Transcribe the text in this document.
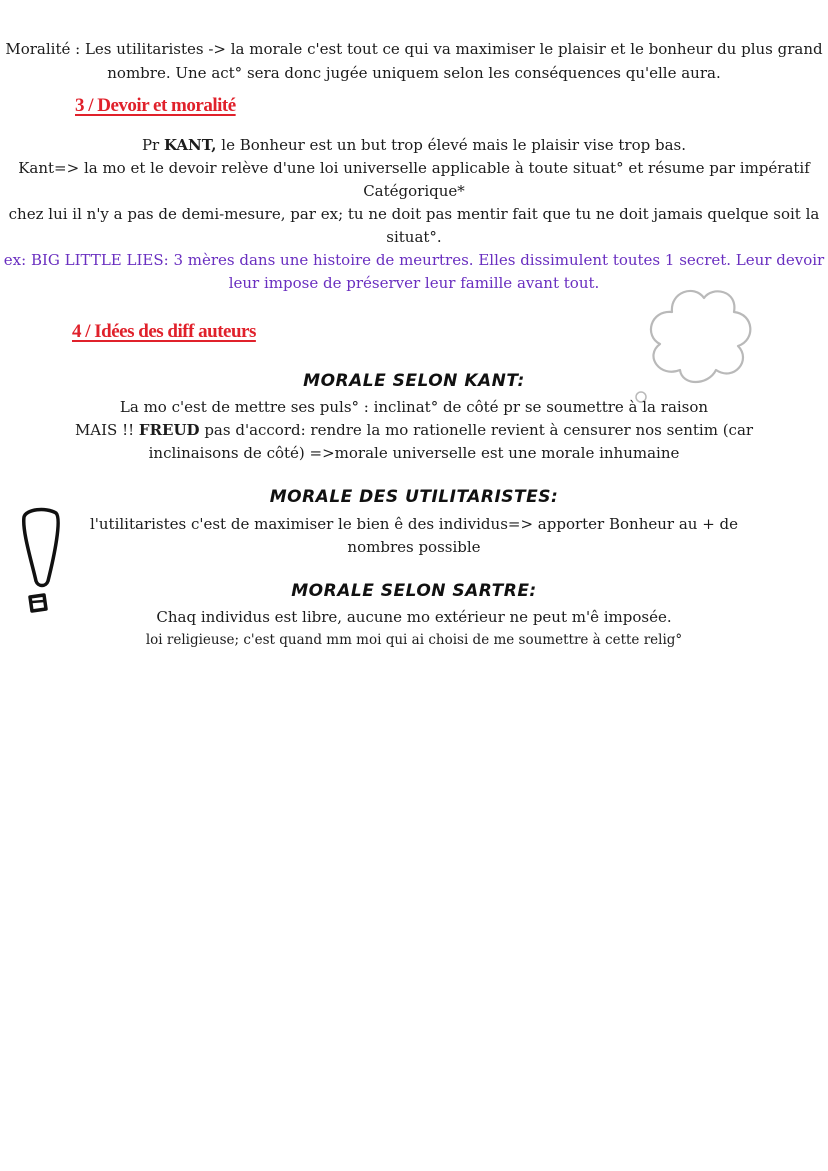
Moralité : Les utilitaristes -> la morale c'est tout ce qui va maximiser le plaisir et le bonheur du plus grand
nombre. Une act° sera donc jugée uniquem selon les conséquences qu'elle aura.
3 / Devoir et moralité
Pr KANT, le Bonheur est un but trop élevé mais le plaisir vise trop bas.
Kant=> la mo et le devoir relève d'une loi universelle applicable à toute situat° et résume par impératif
Catégorique*
chez lui il n'y a pas de demi-mesure, par ex; tu ne doit pas mentir fait que tu ne doit jamais quelque soit la
situat°.
ex: BIG LITTLE LIES: 3 mères dans une histoire de meurtres. Elles dissimulent toutes 1 secret. Leur devoir
leur impose de préserver leur famille avant tout.
4 / Idées des diff auteurs
MORALE SELON KANT:
La mo c'est de mettre ses puls° : inclinat° de côté pr se soumettre à la raison
MAIS !! FREUD pas d'accord: rendre la mo rationelle revient à censurer nos sentim (car
inclinaisons de côté) =>morale universelle est une morale inhumaine
MORALE DES UTILITARISTES:
l'utilitaristes c'est de maximiser le bien ê des individus=> apporter Bonheur au + de
nombres possible
MORALE SELON SARTRE:
Chaq individus est libre, aucune mo extérieur ne peut m'ê imposée.
loi religieuse; c'est quand mm moi qui ai choisi de me soumettre à cette relig°
